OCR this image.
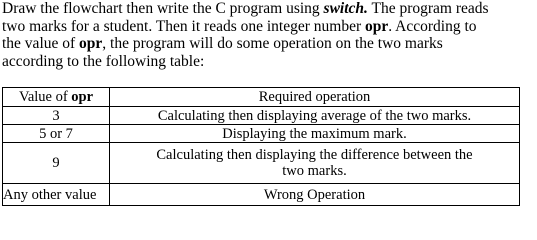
Draw the flowchart then write the C program using switch. The program reads
two marks for a student. Then it reads one integer number opr. According to
the value of opr, the program will do some operation on the two marks
according to the following table:
Value of opr	Required operation
3	Calculating then displaying average of the two marks.
5 or 7	Displaying the maximum mark.
9	Calculating then displaying the difference between the
two marks.
Any other value	Wrong Operation
